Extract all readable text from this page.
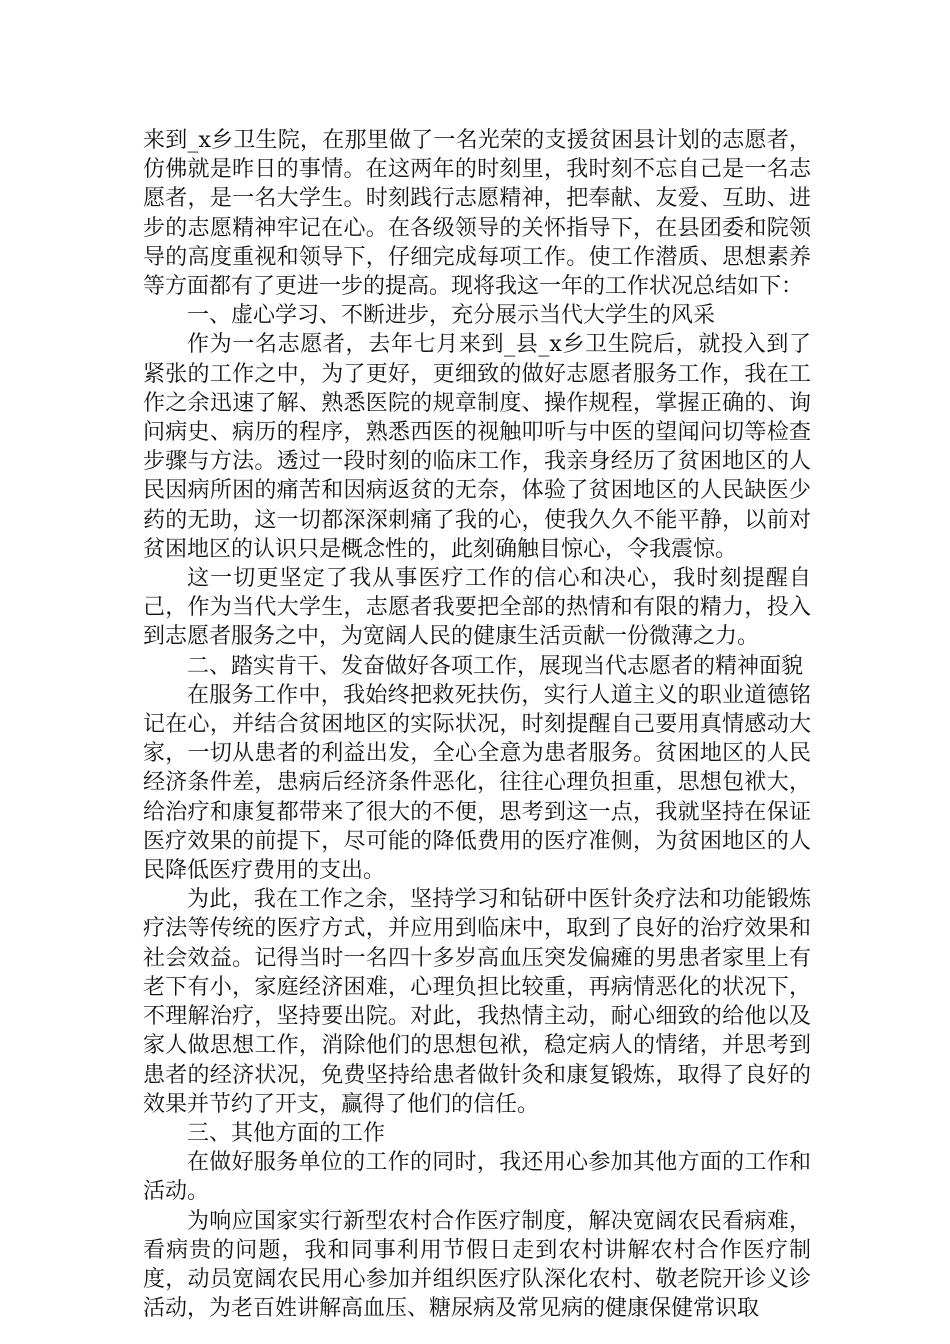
来到_x乡卫生院，在那里做了一名光荣的支援贫困县计划的志愿者，仿佛就是昨日的事情。在这两年的时刻里，我时刻不忘自己是一名志愿者，是一名大学生。时刻践行志愿精神，把奉献、友爱、互助、进步的志愿精神牢记在心。在各级领导的关怀指导下，在县团委和院领导的高度重视和领导下，仔细完成每项工作。使工作潜质、思想素养等方面都有了更进一步的提高。现将我这一年的工作状况总结如下：

一、虚心学习、不断进步，充分展示当代大学生的风采

作为一名志愿者，去年七月来到_县_x乡卫生院后，就投入到了紧张的工作之中，为了更好，更细致的做好志愿者服务工作，我在工作之余迅速了解、熟悉医院的规章制度、操作规程，掌握正确的、询问病史、病历的程序，熟悉西医的视触叩听与中医的望闻问切等检查步骤与方法。透过一段时刻的临床工作，我亲身经历了贫困地区的人民因病所困的痛苦和因病返贫的无奈，体验了贫困地区的人民缺医少药的无助，这一切都深深刺痛了我的心，使我久久不能平静，以前对贫困地区的认识只是概念性的，此刻确触目惊心，令我震惊。

这一切更坚定了我从事医疗工作的信心和决心，我时刻提醒自己，作为当代大学生，志愿者我要把全部的热情和有限的精力，投入到志愿者服务之中，为宽阔人民的健康生活贡献一份微薄之力。

二、踏实肯干、发奋做好各项工作，展现当代志愿者的精神面貌

在服务工作中，我始终把救死扶伤，实行人道主义的职业道德铭记在心，并结合贫困地区的实际状况，时刻提醒自己要用真情感动大家，一切从患者的利益出发，全心全意为患者服务。贫困地区的人民经济条件差，患病后经济条件恶化，往往心理负担重，思想包袱大，给治疗和康复都带来了很大的不便，思考到这一点，我就坚持在保证医疗效果的前提下，尽可能的降低费用的医疗准侧，为贫困地区的人民降低医疗费用的支出。

为此，我在工作之余，坚持学习和钻研中医针灸疗法和功能锻炼疗法等传统的医疗方式，并应用到临床中，取到了良好的治疗效果和社会效益。记得当时一名四十多岁高血压突发偏瘫的男患者家里上有老下有小，家庭经济困难，心理负担比较重，再病情恶化的状况下，不理解治疗，坚持要出院。对此，我热情主动，耐心细致的给他以及家人做思想工作，消除他们的思想包袱，稳定病人的情绪，并思考到患者的经济状况，免费坚持给患者做针灸和康复锻炼，取得了良好的效果并节约了开支，赢得了他们的信任。

三、其他方面的工作

在做好服务单位的工作的同时，我还用心参加其他方面的工作和活动。

为响应国家实行新型农村合作医疗制度，解决宽阔农民看病难，看病贵的问题，我和同事利用节假日走到农村讲解农村合作医疗制度，动员宽阔农民用心参加并组织医疗队深化农村、敬老院开诊义诊活动，为老百姓讲解高血压、糖尿病及常见病的健康保健常识取
